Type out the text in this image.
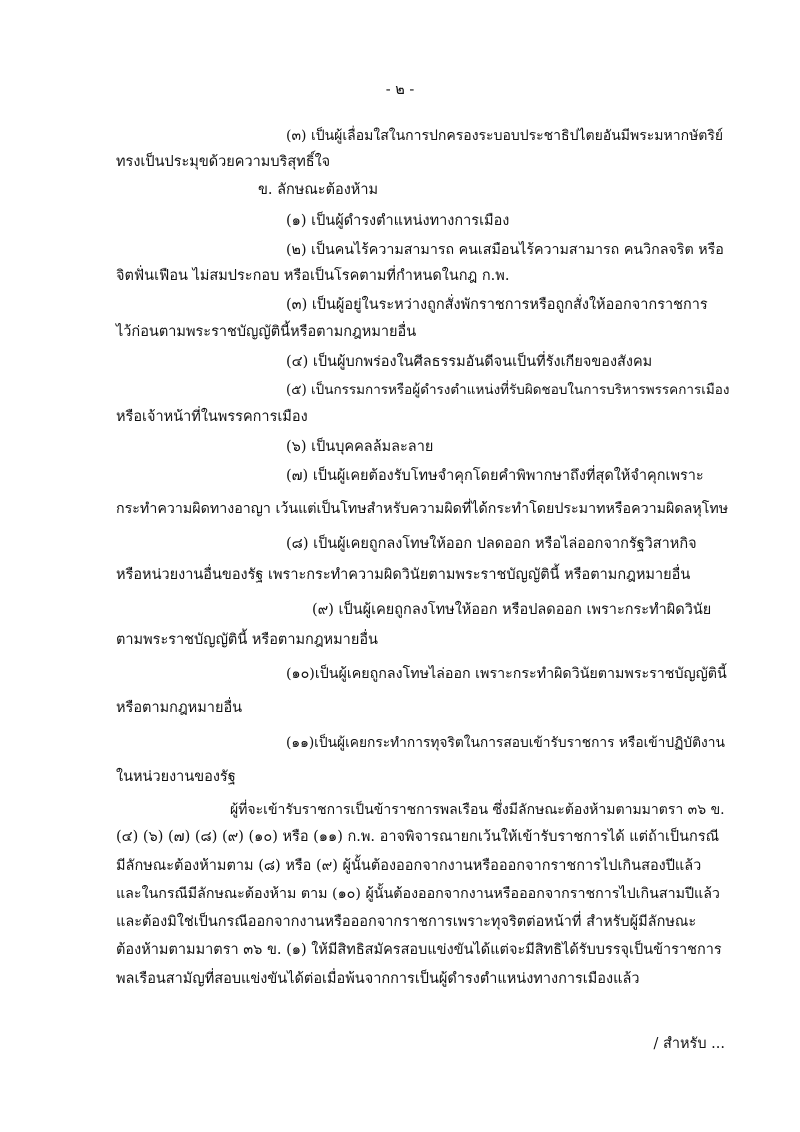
- ๒ -
(๓) เป็นผู้เลื่อมใสในการปกครองระบอบประชาธิปไตยอันมีพระมหากษัตริย์
ทรงเป็นประมุขด้วยความบริสุทธิ์ใจ
ข. ลักษณะต้องห้าม
(๑) เป็นผู้ดำรงตำแหน่งทางการเมือง
(๒) เป็นคนไร้ความสามารถ คนเสมือนไร้ความสามารถ คนวิกลจริต หรือ
จิตฟั่นเฟือน ไม่สมประกอบ หรือเป็นโรคตามที่กำหนดในกฎ ก.พ.
(๓) เป็นผู้อยู่ในระหว่างถูกสั่งพักราชการหรือถูกสั่งให้ออกจากราชการ
ไว้ก่อนตามพระราชบัญญัตินี้หรือตามกฎหมายอื่น
(๔) เป็นผู้บกพร่องในศีลธรรมอันดีจนเป็นที่รังเกียจของสังคม
(๕) เป็นกรรมการหรือผู้ดำรงตำแหน่งที่รับผิดชอบในการบริหารพรรคการเมือง
หรือเจ้าหน้าที่ในพรรคการเมือง
(๖) เป็นบุคคลล้มละลาย
(๗) เป็นผู้เคยต้องรับโทษจำคุกโดยคำพิพากษาถึงที่สุดให้จำคุกเพราะ
กระทำความผิดทางอาญา เว้นแต่เป็นโทษสำหรับความผิดที่ได้กระทำโดยประมาทหรือความผิดลหุโทษ
(๘) เป็นผู้เคยถูกลงโทษให้ออก ปลดออก หรือไล่ออกจากรัฐวิสาหกิจ
หรือหน่วยงานอื่นของรัฐ เพราะกระทำความผิดวินัยตามพระราชบัญญัตินี้ หรือตามกฎหมายอื่น
(๙) เป็นผู้เคยถูกลงโทษให้ออก หรือปลดออก เพราะกระทำผิดวินัย
ตามพระราชบัญญัตินี้ หรือตามกฎหมายอื่น
(๑๐)เป็นผู้เคยถูกลงโทษไล่ออก เพราะกระทำผิดวินัยตามพระราชบัญญัตินี้
หรือตามกฎหมายอื่น
(๑๑)เป็นผู้เคยกระทำการทุจริตในการสอบเข้ารับราชการ หรือเข้าปฏิบัติงาน
ในหน่วยงานของรัฐ
ผู้ที่จะเข้ารับราชการเป็นข้าราชการพลเรือน ซึ่งมีลักษณะต้องห้ามตามมาตรา ๓๖ ข.
(๔) (๖) (๗) (๘) (๙) (๑๐) หรือ (๑๑) ก.พ. อาจพิจารณายกเว้นให้เข้ารับราชการได้ แต่ถ้าเป็นกรณี
มีลักษณะต้องห้ามตาม (๘) หรือ (๙) ผู้นั้นต้องออกจากงานหรือออกจากราชการไปเกินสองปีแล้ว
และในกรณีมีลักษณะต้องห้าม ตาม (๑๐) ผู้นั้นต้องออกจากงานหรือออกจากราชการไปเกินสามปีแล้ว
และต้องมิใช่เป็นกรณีออกจากงานหรือออกจากราชการเพราะทุจริตต่อหน้าที่ สำหรับผู้มีลักษณะ
ต้องห้ามตามมาตรา ๓๖ ข. (๑) ให้มีสิทธิสมัครสอบแข่งขันได้แต่จะมีสิทธิได้รับบรรจุเป็นข้าราชการ
พลเรือนสามัญที่สอบแข่งขันได้ต่อเมื่อพ้นจากการเป็นผู้ดำรงตำแหน่งทางการเมืองแล้ว
/ สำหรับ ...
